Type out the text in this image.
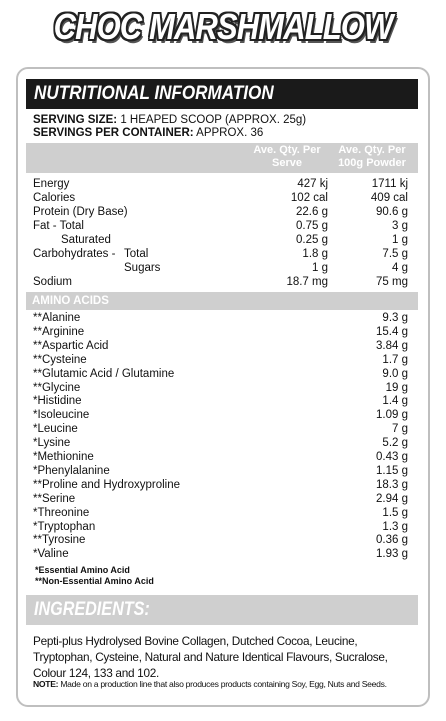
CHOC MARSHMALLOW
NUTRITIONAL INFORMATION
SERVING SIZE: 1 HEAPED SCOOP (APPROX. 25g)
SERVINGS PER CONTAINER: APPROX. 36
Ave. Qty. Per Serve
Ave. Qty. Per 100g Powder
Energy	427 kj	1711 kj
Calories	102 cal	409 cal
Protein (Dry Base)	22.6 g	90.6 g
Fat - Total	0.75 g	3 g
Saturated	0.25 g	1 g
Carbohydrates - Total	1.8 g	7.5 g
Sugars	1 g	4 g
Sodium	18.7 mg	75 mg
AMINO ACIDS
**Alanine	9.3 g
**Arginine	15.4 g
**Aspartic Acid	3.84 g
**Cysteine	1.7 g
**Glutamic Acid / Glutamine	9.0 g
**Glycine	19 g
*Histidine	1.4 g
*Isoleucine	1.09 g
*Leucine	7 g
*Lysine	5.2 g
*Methionine	0.43 g
*Phenylalanine	1.15 g
**Proline and Hydroxyproline	18.3 g
**Serine	2.94 g
*Threonine	1.5 g
*Tryptophan	1.3 g
**Tyrosine	0.36 g
*Valine	1.93 g
*Essential Amino Acid
**Non-Essential Amino Acid
INGREDIENTS:
Pepti-plus Hydrolysed Bovine Collagen, Dutched Cocoa, Leucine, Tryptophan, Cysteine, Natural and Nature Identical Flavours, Sucralose, Colour 124, 133 and 102.
NOTE: Made on a production line that also produces products containing Soy, Egg, Nuts and Seeds.
